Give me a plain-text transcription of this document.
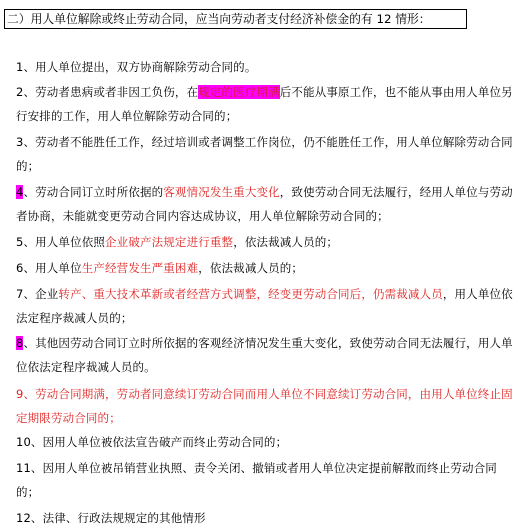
二）用人单位解除或终止劳动合同，应当向劳动者支付经济补偿金的有 12 情形：
1、用人单位提出，双方协商解除劳动合同的。
2、劳动者患病或者非因工负伤，在规定的医疗期满后不能从事原工作，也不能从事由用人单位另行安排的工作，用人单位解除劳动合同的；
3、劳动者不能胜任工作，经过培训或者调整工作岗位，仍不能胜任工作，用人单位解除劳动合同的；
4、劳动合同订立时所依据的客观情况发生重大变化，致使劳动合同无法履行，经用人单位与劳动者协商，未能就变更劳动合同内容达成协议，用人单位解除劳动合同的；
5、用人单位依照企业破产法规定进行重整，依法裁减人员的；
6、用人单位生产经营发生严重困难，依法裁减人员的；
7、企业转产、重大技术革新或者经营方式调整，经变更劳动合同后，仍需裁减人员，用人单位依法定程序裁减人员的；
8、其他因劳动合同订立时所依据的客观经济情况发生重大变化，致使劳动合同无法履行，用人单位依法定程序裁减人员的。
9、劳动合同期满，劳动者同意续订劳动合同而用人单位不同意续订劳动合同，由用人单位终止固定期限劳动合同的；
10、因用人单位被依法宣告破产而终止劳动合同的；
11、因用人单位被吊销营业执照、责令关闭、撤销或者用人单位决定提前解散而终止劳动合同的；
12、法律、行政法规规定的其他情形
